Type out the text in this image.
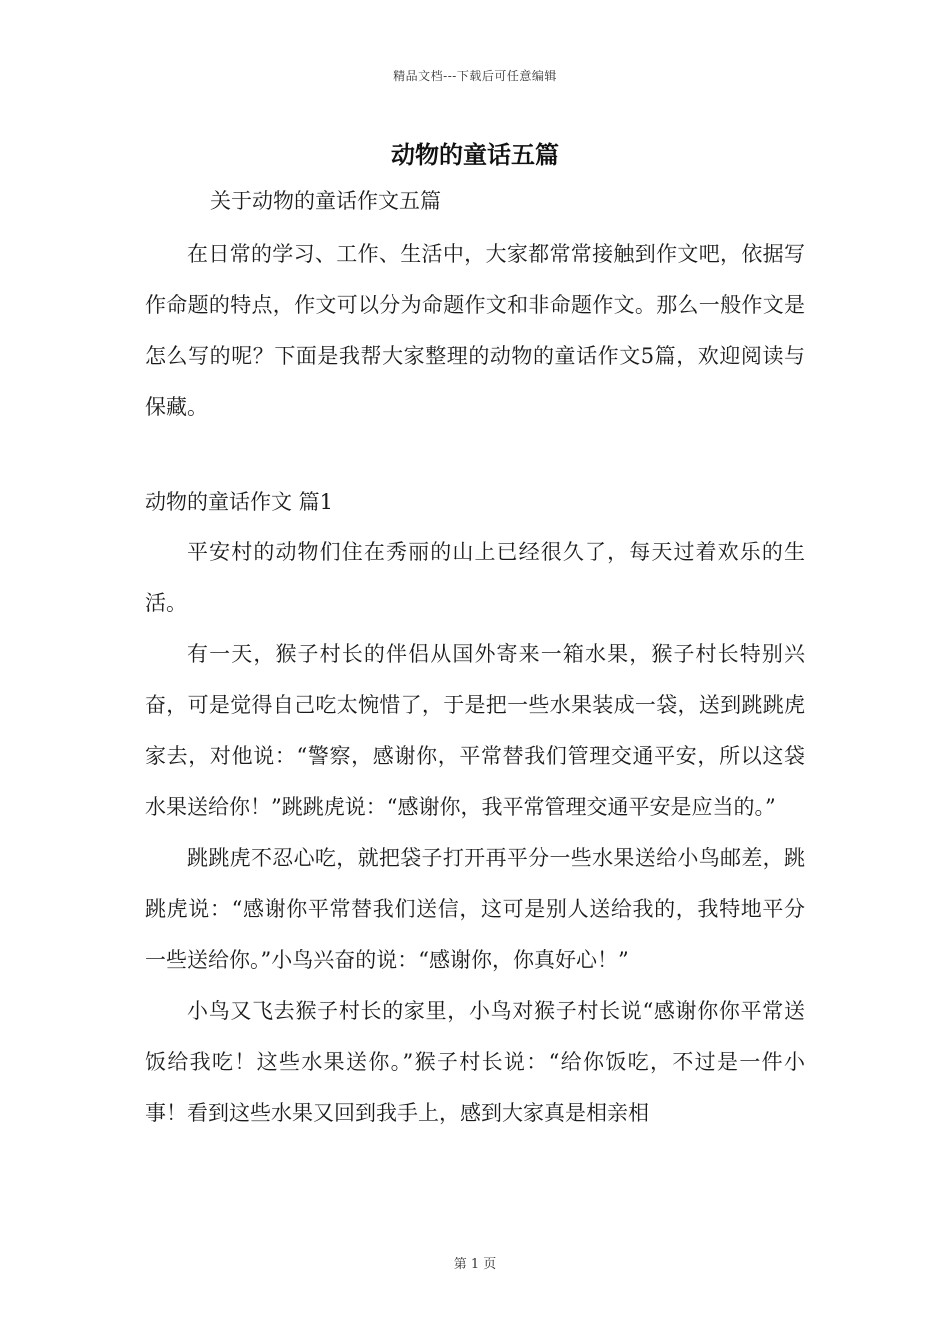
精品文档---下载后可任意编辑
动物的童话五篇
关于动物的童话作文五篇

在日常的学习、工作、生活中，大家都常常接触到作文吧，依据写作命题的特点，作文可以分为命题作文和非命题作文。那么一般作文是怎么写的呢？下面是我帮大家整理的动物的童话作文5篇，欢迎阅读与保藏。

动物的童话作文 篇1

平安村的动物们住在秀丽的山上已经很久了，每天过着欢乐的生活。

有一天，猴子村长的伴侣从国外寄来一箱水果，猴子村长特别兴奋，可是觉得自己吃太惋惜了，于是把一些水果装成一袋，送到跳跳虎家去，对他说：“警察，感谢你，平常替我们管理交通平安，所以这袋水果送给你！”跳跳虎说：“感谢你，我平常管理交通平安是应当的。”

跳跳虎不忍心吃，就把袋子打开再平分一些水果送给小鸟邮差，跳跳虎说：“感谢你平常替我们送信，这可是别人送给我的，我特地平分一些送给你。”小鸟兴奋的说：“感谢你，你真好心！”

小鸟又飞去猴子村长的家里，小鸟对猴子村长说“感谢你你平常送饭给我吃！这些水果送你。”猴子村长说：“给你饭吃，不过是一件小事！看到这些水果又回到我手上，感到大家真是相亲相

第 1 页
